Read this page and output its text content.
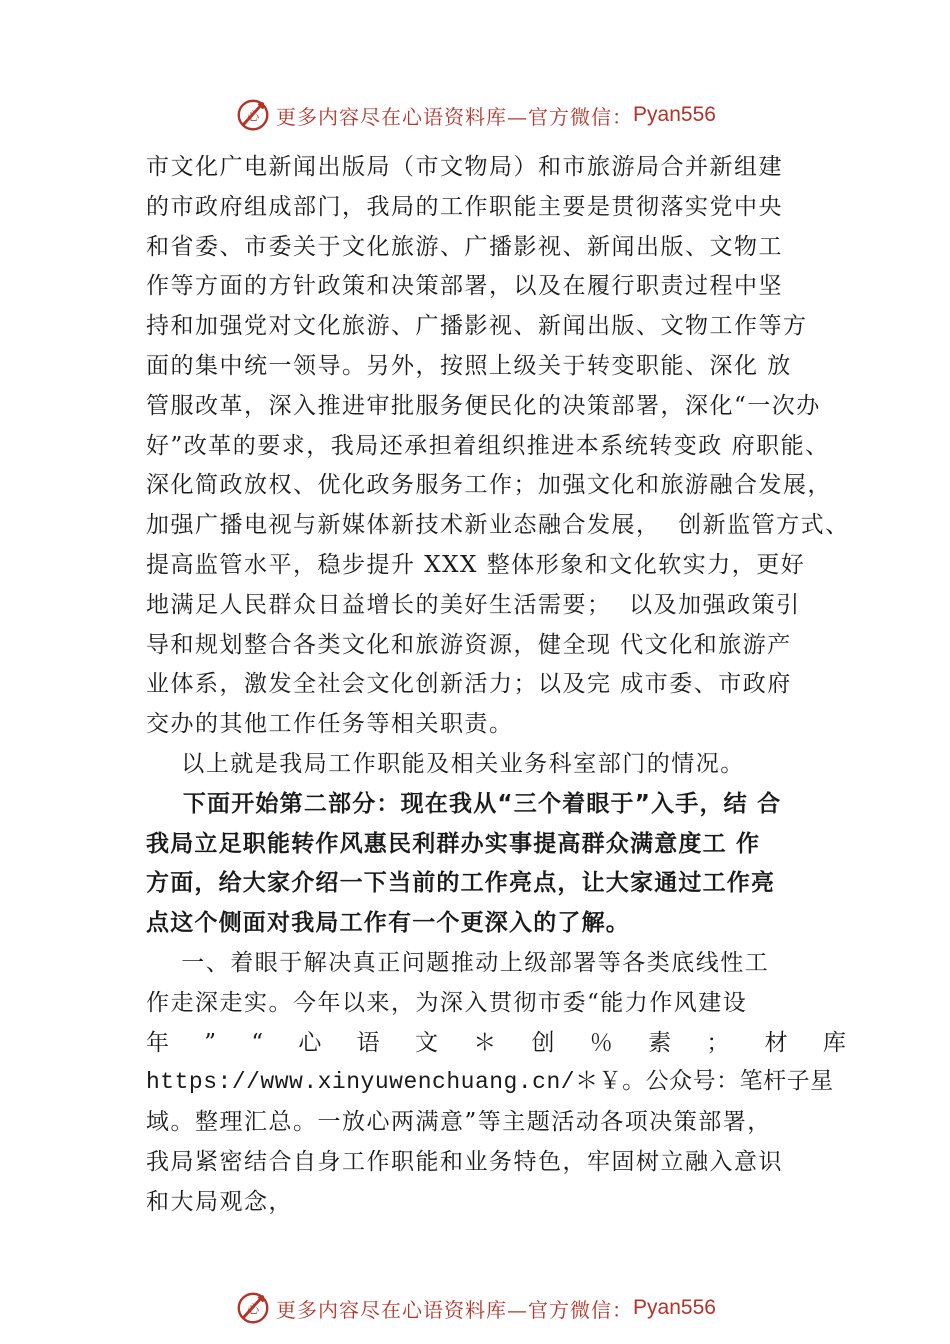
心 更多内容尽在心语资料库—官方微信： Pyan556
市文化广电新闻出版局（市文物局）和市旅游局合并新组建
的市政府组成部门，我局的工作职能主要是贯彻落实党中央
和省委、市委关于文化旅游、广播影视、新闻出版、文物工
作等方面的方针政策和决策部署，以及在履行职责过程中坚
持和加强党对文化旅游、广播影视、新闻出版、文物工作等方
面的集中统一领导。另外，按照上级关于转变职能、深化 放
管服改革，深入推进审批服务便民化的决策部署，深化“一次办
好”改革的要求，我局还承担着组织推进本系统转变政 府职能、
深化简政放权、优化政务服务工作；加强文化和旅游融合发展，
加强广播电视与新媒体新技术新业态融合发展，  创新监管方式、
提高监管水平，稳步提升 XXX 整体形象和文化软实力，更好
地满足人民群众日益增长的美好生活需要；  以及加强政策引
导和规划整合各类文化和旅游资源，健全现 代文化和旅游产
业体系，激发全社会文化创新活力；以及完 成市委、市政府
交办的其他工作任务等相关职责。
以上就是我局工作职能及相关业务科室部门的情况。
下面开始第二部分：现在我从“三个着眼于”入手，结 合
我局立足职能转作风惠民利群办实事提高群众满意度工 作
方面，给大家介绍一下当前的工作亮点，让大家通过工作亮
点这个侧面对我局工作有一个更深入的了解。
一、着眼于解决真正问题推动上级部署等各类底线性工
作走深走实。今年以来，为深入贯彻市委“能力作风建设
年 ” “ 心 语 文 ＊ 创 ％ 素 ； 材 库
https://www.xinyuwenchuang.cn/＊￥。公众号：笔杆子星
域。整理汇总。一放心两满意”等主题活动各项决策部署，
我局紧密结合自身工作职能和业务特色，牢固树立融入意识
和大局观念，
心 更多内容尽在心语资料库—官方微信： Pyan556
